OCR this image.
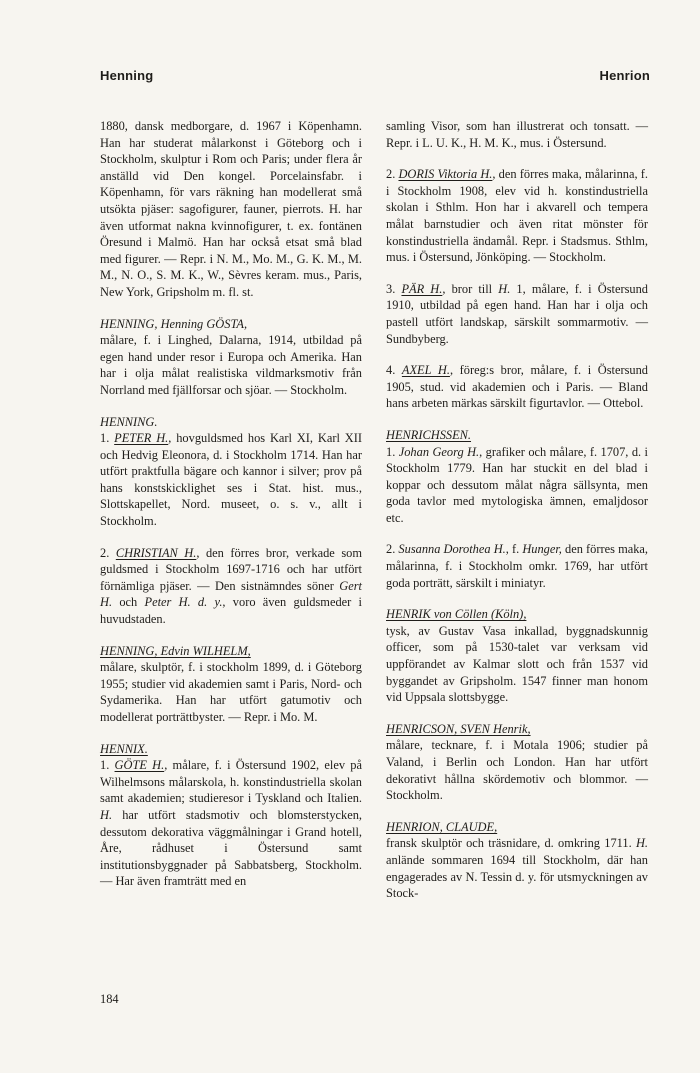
Henning	Henrion

1880, dansk medborgare, d. 1967 i Köpenhamn. Han har studerat målarkonst i Göteborg och i Stockholm, skulptur i Rom och Paris; under flera år anställd vid Den kongel. Porcelainsfabr. i Köpenhamn, för vars räkning han modellerat små utsökta pjäser: sagofigurer, fauner, pierrots. H. har även utformat nakna kvinnofigurer, t. ex. fontänen Öresund i Malmö. Han har också etsat små blad med figurer. — Repr. i N. M., Mo. M., G. K. M., M. M., N. O., S. M. K., W., Sèvres keram. mus., Paris, New York, Gripsholm m. fl. st.

HENNING, Henning GÖSTA,

målare, f. i Linghed, Dalarna, 1914, utbildad på egen hand under resor i Europa och Amerika. Han har i olja målat realistiska vildmarksmotiv från Norrland med fjällforsar och sjöar. — Stockholm.

HENNING.

1. PETER H., hovguldsmed hos Karl XI, Karl XII och Hedvig Eleonora, d. i Stockholm 1714. Han har utfört praktfulla bägare och kannor i silver; prov på hans konstskicklighet ses i Stat. hist. mus., Slottskapellet, Nord. museet, o. s. v., allt i Stockholm.

2. CHRISTIAN H., den förres bror, verkade som guldsmed i Stockholm 1697-1716 och har utfört förnämliga pjäser. — Den sistnämndes söner Gert H. och Peter H. d. y., voro även guldsmeder i huvudstaden.

HENNING, Edvin WILHELM,

målare, skulptör, f. i stockholm 1899, d. i Göteborg 1955; studier vid akademien samt i Paris, Nord- och Sydamerika. Han har utfört gatumotiv och modellerat porträttbyster. — Repr. i Mo. M.

HENNIX.

1. GÖTE H., målare, f. i Östersund 1902, elev på Wilhelmsons målarskola, h. konstindustriella skolan samt akademien; studieresor i Tyskland och Italien. H. har utfört stadsmotiv och blomsterstycken, dessutom dekorativa väggmålningar i Grand hotell, Åre, rådhuset i Östersund samt institutionsbyggnader på Sabbatsberg, Stockholm. — Har även framträtt med en

samling Visor, som han illustrerat och tonsatt. — Repr. i L. U. K., H. M. K., mus. i Östersund.

2. DORIS Viktoria H., den förres maka, målarinna, f. i Stockholm 1908, elev vid h. konstindustriella skolan i Sthlm. Hon har i akvarell och tempera målat barnstudier och även ritat mönster för konstindustriella ändamål. Repr. i Stadsmus. Sthlm, mus. i Östersund, Jönköping. — Stockholm.

3. PÄR H., bror till H. 1, målare, f. i Östersund 1910, utbildad på egen hand. Han har i olja och pastell utfört landskap, särskilt sommarmotiv. — Sundbyberg.

4. AXEL H., föreg:s bror, målare, f. i Östersund 1905, stud. vid akademien och i Paris. — Bland hans arbeten märkas särskilt figurtavlor. — Ottebol.

HENRICHSSEN.

1. Johan Georg H., grafiker och målare, f. 1707, d. i Stockholm 1779. Han har stuckit en del blad i koppar och dessutom målat några sällsynta, men goda tavlor med mytologiska ämnen, emaljdosor etc.

2. Susanna Dorothea H., f. Hunger, den förres maka, målarinna, f. i Stockholm omkr. 1769, har utfört goda porträtt, särskilt i miniatyr.

HENRIK von Cöllen (Köln),

tysk, av Gustav Vasa inkallad, byggnadskunnig officer, som på 1530-talet var verksam vid uppförandet av Kalmar slott och från 1537 vid byggandet av Gripsholm. 1547 finner man honom vid Uppsala slottsbygge.

HENRICSON, SVEN Henrik,

målare, tecknare, f. i Motala 1906; studier på Valand, i Berlin och London. Han har utfört dekorativt hållna skördemotiv och blommor. — Stockholm.

HENRION, CLAUDE,

fransk skulptör och träsnidare, d. omkring 1711. H. anlände sommaren 1694 till Stockholm, där han engagerades av N. Tessin d. y. för utsmyckningen av Stock-

184
